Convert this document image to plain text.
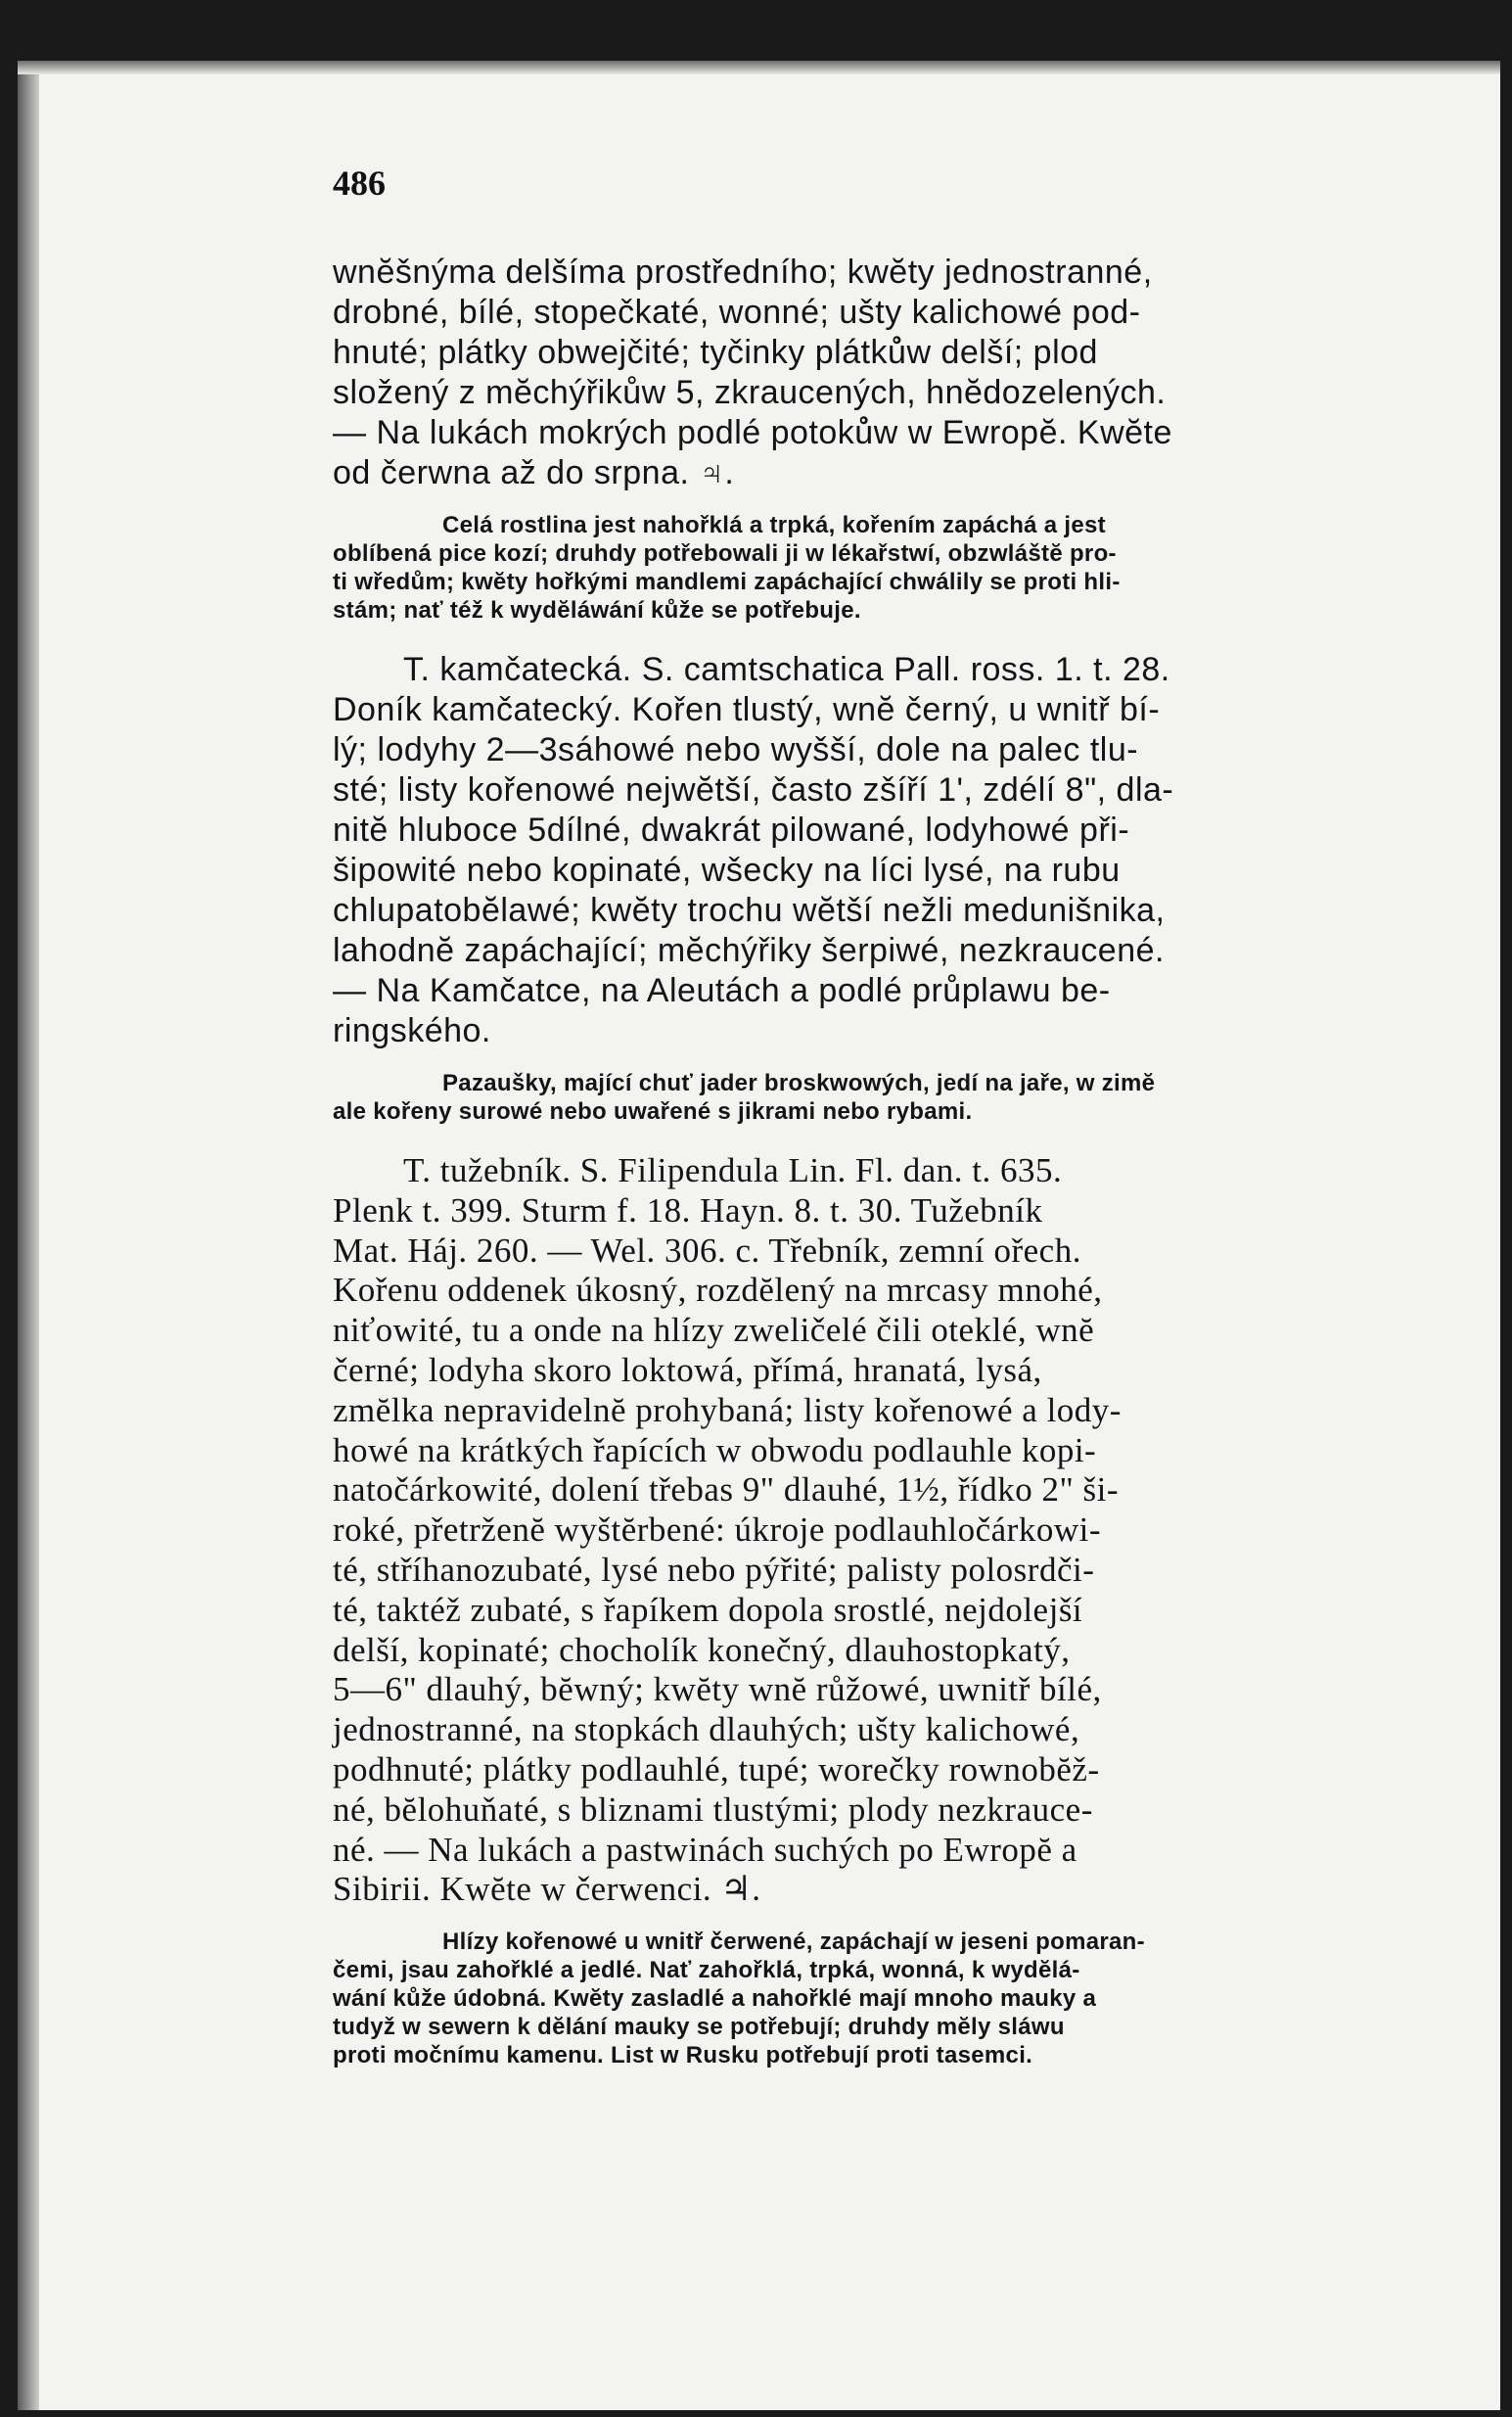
486
wnĕšnýma delšíma prostředního; kwĕty jednostranné,
drobné, bílé, stopečkaté, wonné; ušty kalichowé pod-
hnuté; plátky obwejčité; tyčinky plátků̊w delší; plod
složený z mĕchýřikůw 5, zkraucených, hnĕdozelených.
— Na lukách mokrých podlé potoků̊w w Ewropĕ. Kwĕte
od čerwna až do srpna. ♃.
Celá rostlina jest nahořklá a trpká, kořením zapáchá a jest
oblíbená pice kozí; druhdy potřebowali ji w lékařstwí, obzwláštĕ pro-
ti wředům; kwĕty hořkými mandlemi zapáchající chwálily se proti hli-
stám; nať též k wydĕláwání kůže se potřebuje.
T. kamčatecká. S. camtschatica Pall. ross. 1. t. 28.
Doník kamčatecký. Kořen tlustý, wnĕ černý, u wnitř bí-
lý; lodyhy 2—3sáhowé nebo wyšší, dole na palec tlu-
sté; listy kořenowé nejwĕtší, často zšíří 1', zdélí 8", dla-
nitĕ hluboce 5dílné, dwakrát pilowané, lodyhowé při-
šipowité nebo kopinaté, wšecky na líci lysé, na rubu
chlupatobĕlawé; kwĕty trochu wĕtší nežli medunišnika,
lahodnĕ zapáchající; mĕchýřiky šerpiwé, nezkraucené.
— Na Kamčatce, na Aleutách a podlé průplawu be-
ringského.
Pazaušky, mající chuť jader broskwowých, jedí na jaře, w zimĕ
ale kořeny surowé nebo uwařené s jikrami nebo rybami.
T. tužebník. S. Filipendula Lin. Fl. dan. t. 635.
Plenk t. 399. Sturm f. 18. Hayn. 8. t. 30. Tužebník
Mat. Háj. 260. — Wel. 306. c. Třebník, zemní ořech.
Kořenu oddenek úkosný, rozdĕlený na mrcasy mnohé,
niťowité, tu a onde na hlízy zweličelé čili oteklé, wnĕ
černé; lodyha skoro loktowá, přímá, hranatá, lysá,
zmĕlka nepravidelnĕ prohybaná; listy kořenowé a lody-
howé na krátkých řapících w obwodu podlauhle kopi-
natočárkowité, dolení třebas 9" dlauhé, 1½, řídko 2" ši-
roké, přetrženĕ wyštĕrbené: úkroje podlauhločárkowi-
té, stříhanozubaté, lysé nebo pýřité; palisty polosrdči-
té, taktéž zubaté, s řapíkem dopola srostlé, nejdolejší
delší, kopinaté; chocholík konečný, dlauhostopkatý,
5—6" dlauhý, bĕwný; kwĕty wnĕ růžowé, uwnitř bílé,
jednostranné, na stopkách dlauhých; ušty kalichowé,
podhnuté; plátky podlauhlé, tupé; worečky rownobĕž-
né, bĕlohuňaté, s bliznami tlustými; plody nezkrauce-
né. — Na lukách a pastwinách suchých po Ewropĕ a
Sibirii. Kwĕte w čerwenci. ♃.
Hlízy kořenowé u wnitř čerwené, zapáchají w jeseni pomaran-
čemi, jsau zahořklé a jedlé. Nať zahořklá, trpká, wonná, k wydĕlá-
wání kůže údobná. Kwĕty zasladlé a nahořklé mají mnoho mauky a
tudyž w sewern k dĕlání mauky se potřebují; druhdy mĕly sláwu
proti močnímu kamenu. List w Rusku potřebují proti tasemci.
